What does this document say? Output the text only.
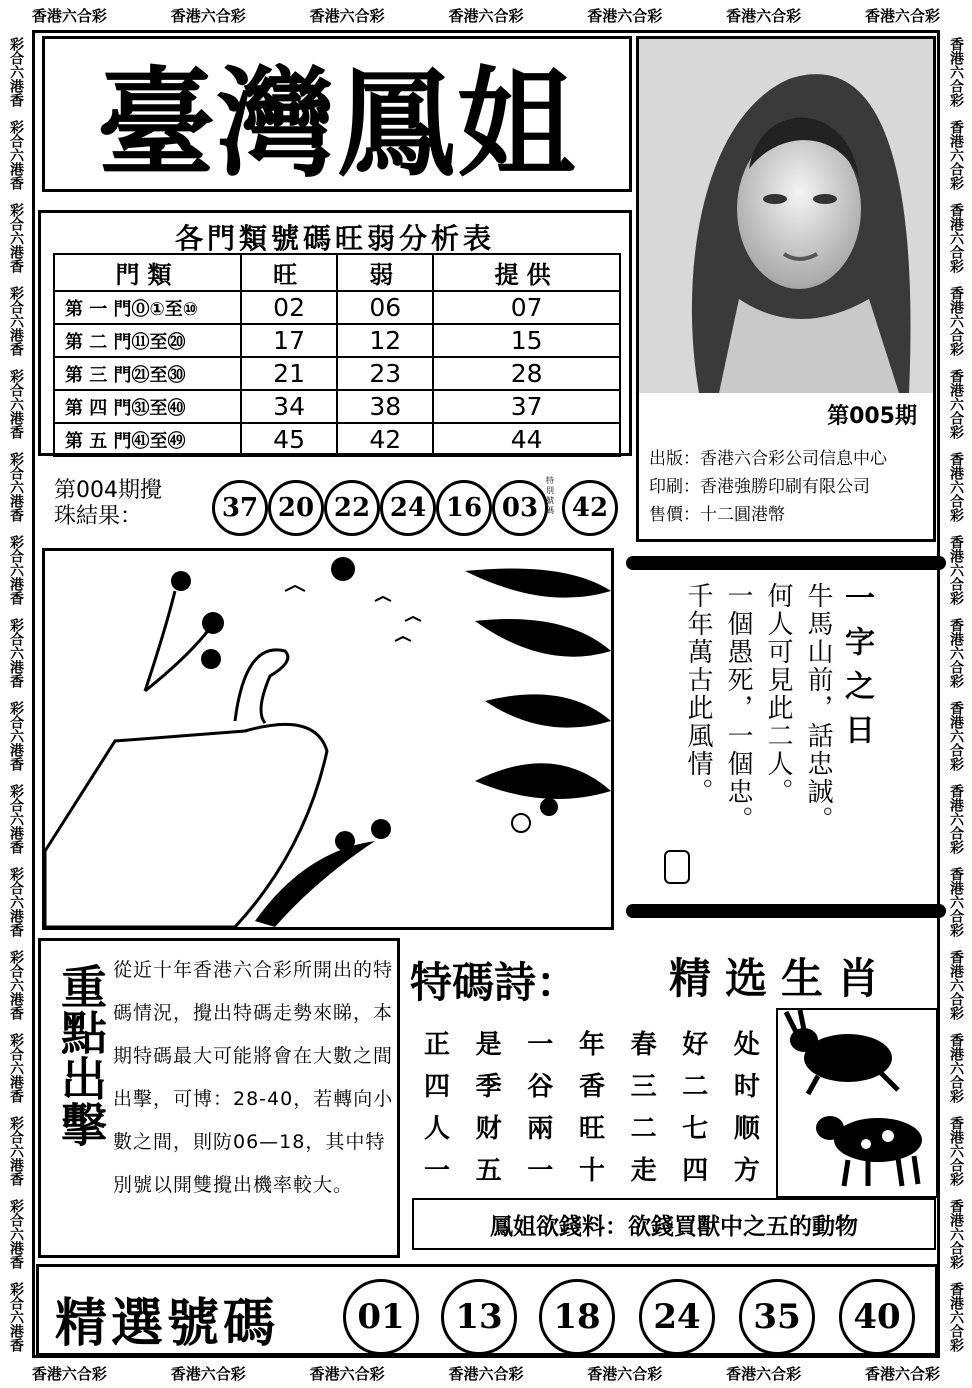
香港六合彩	香港六合彩	香港六合彩	香港六合彩	香港六合彩	香港六合彩	香港六合彩
香港六合彩	香港六合彩	香港六合彩	香港六合彩	香港六合彩	香港六合彩	香港六合彩
彩合六港香
彩合六港香
彩合六港香
彩合六港香
彩合六港香
彩合六港香
彩合六港香
彩合六港香
彩合六港香
彩合六港香
彩合六港香
彩合六港香
彩合六港香
彩合六港香
彩合六港香
彩合六港香
香港六合彩
香港六合彩
香港六合彩
香港六合彩
香港六合彩
香港六合彩
香港六合彩
香港六合彩
香港六合彩
香港六合彩
香港六合彩
香港六合彩
香港六合彩
香港六合彩
香港六合彩
香港六合彩
臺灣鳳姐
第005期
出版：香港六合彩公司信息中心
印刷：香港強勝印刷有限公司
售價：十二圓港幣
各門類號碼旺弱分析表
門類	旺	弱	提供
第 一 門⓪①至⑩	02	06	07
第 二 門⑪至⑳	17	12	15
第 三 門㉑至㉚	21	23	28
第 四 門㉛至㊵	34	38	37
第 五 門㊶至㊾	45	42	44
第004期攪
珠結果：	37 20 22 24 16 03
特別號碼 42
一字之日
牛馬山前，話忠誠。
何人可見此二人。
一個愚死，一個忠。
千年萬古此風情。
重點出擊 從近十年香港六合彩所開出的特碼情況，攪出特碼走勢來睇，本期特碼最大可能將會在大數之間出擊，可博：28-40，若轉向小數之間，則防06—18，其中特別號以開雙攪出機率較大。
特碼詩： 精选生肖
正 是 一 年 春 好 处
四 季 谷 香 三 二 时
人 财 兩 旺 二 七 顺
一 五 一 十 走 四 方
鳳姐欲錢料：欲錢買獸中之五的動物
精選號碼	01	13	18	24	35	40
